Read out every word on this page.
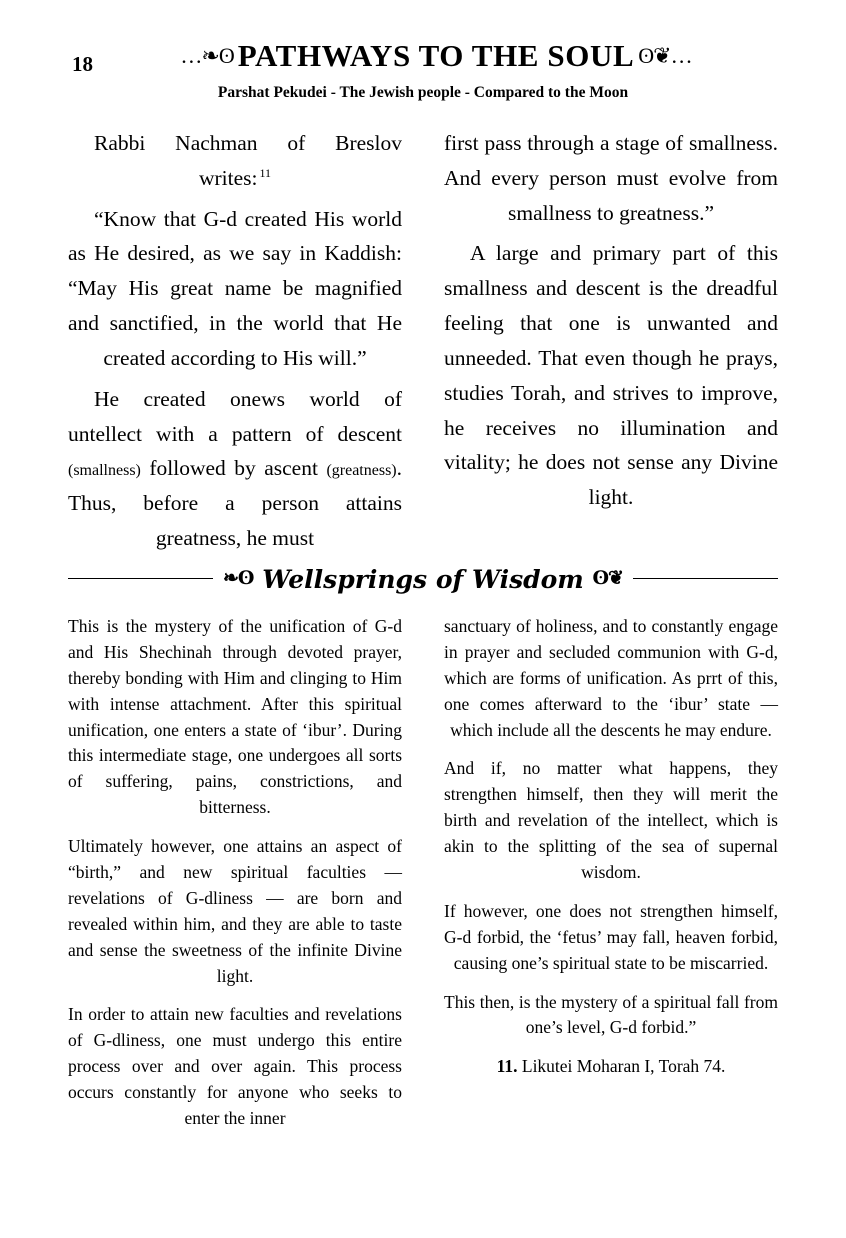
18	…❧ʘ PATHWAYS TO THE SOUL ʘ❦…
Parshat Pekudei - The Jewish people - Compared to the Moon

Rabbi Nachman of Breslov writes: $^{11}$

“Know that G-d created His world as He desired, as we say in Kaddish: “May His great name be magnified and sanctified, in the world that He created according to His will.”

He created onews world of untellect with a pattern of descent (smallness) followed by ascent (greatness). Thus, before a person attains greatness, he must

first pass through a stage of smallness. And every person must evolve from smallness to greatness.”

A large and primary part of this smallness and descent is the dreadful feeling that one is unwanted and unneeded. That even though he prays, studies Torah, and strives to improve, he receives no illumination and vitality; he does not sense any Divine light.

❧ʘ Wellsprings of Wisdom ʘ❦

This is the mystery of the unification of G-d and His Shechinah through devoted prayer, thereby bonding with Him and clinging to Him with intense attachment. After this spiritual unification, one enters a state of ‘ibur’. During this intermediate stage, one undergoes all sorts of suffering, pains, constrictions, and bitterness.

Ultimately however, one attains an aspect of “birth,” and new spiritual faculties — revelations of G-dliness — are born and revealed within him, and they are able to taste and sense the sweetness of the infinite Divine light.

In order to attain new faculties and revelations of G-dliness, one must undergo this entire process over and over again. This process occurs constantly for anyone who seeks to enter the inner

sanctuary of holiness, and to constantly engage in prayer and secluded communion with G-d, which are forms of unification. As prrt of this, one comes afterward to the ‘ibur’ state — which include all the descents he may endure.

And if, no matter what happens, they strengthen himself, then they will merit the birth and revelation of the intellect, which is akin to the splitting of the sea of supernal wisdom.

If however, one does not strengthen himself, G-d forbid, the ‘fetus’ may fall, heaven forbid, causing one’s spiritual state to be miscarried.

This then, is the mystery of a spiritual fall from one’s level, G-d forbid.”

11. Likutei Moharan I, Torah 74.
